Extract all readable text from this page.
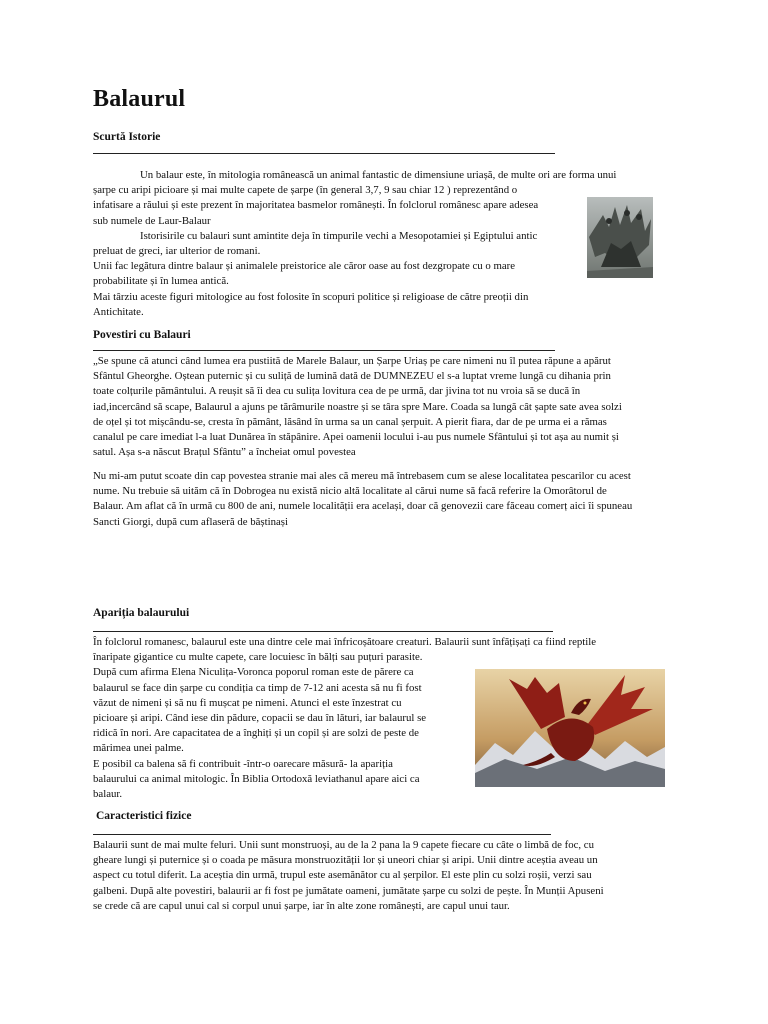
Balaurul
Scurtă Istorie
Un balaur este, în mitologia românească un animal fantastic de dimensiune uriașă, de multe ori are forma unui
șarpe cu aripi picioare și mai multe capete de șarpe (în general 3,7, 9 sau chiar 12 ) reprezentând o
infatisare a răului și este prezent în majoritatea basmelor românești. În folclorul românesc apare adesea
sub numele de Laur-Balaur
Istorisirile cu balauri sunt amintite deja în timpurile vechi a Mesopotamiei și Egiptului antic
preluat de greci, iar ulterior de romani.
Unii fac legătura dintre balaur și animalele preistorice ale căror oase au fost dezgropate cu o mare
probabilitate și în lumea antică.
Mai târziu aceste figuri mitologice au fost folosite în scopuri politice și religioase de către preoții din
Antichitate.
Povestiri cu Balauri
„Se spune că atunci când lumea era pustiită de Marele Balaur, un Șarpe Uriaș pe care nimeni nu îl putea răpune a apărut
Sfântul Gheorghe. Oștean puternic și cu suliță de lumină dată de DUMNEZEU el s-a luptat vreme lungă cu dihania prin
toate colțurile pământului. A reușit să îi dea cu sulița lovitura cea de pe urmă, dar jivina tot nu vroia să se ducă în
iad,incercând să scape, Balaurul a ajuns pe tărâmurile noastre și se târa spre Mare. Coada sa lungă cât șapte sate avea solzi
de oțel și tot mișcându-se, cresta în pământ, lăsând în urma sa un canal șerpuit. A pierit fiara, dar de pe urma ei a rămas
canalul pe care imediat l-a luat Dunărea în stăpânire. Apei oamenii locului i-au pus numele Sfântului și tot așa au numit și
satul. Așa s-a născut Brațul Sfântu” a încheiat omul povestea
Nu mi-am putut scoate din cap povestea stranie mai ales că mereu mă întrebasem cum se alese localitatea pescarilor cu acest
nume. Nu trebuie să uităm că în Dobrogea nu există nicio altă localitate al cărui nume să facă referire la Omorâtorul de
Balaur. Am aflat că în urmă cu 800 de ani, numele localității era același, doar că genovezii care făceau comerț aici îi spuneau
Sancti Giorgi, după cum aflaseră de băștinași
Apariția balaurului
În folclorul romanesc, balaurul este una dintre cele mai înfricoșătoare creaturi. Balaurii sunt înfățișați ca fiind reptile
înaripate gigantice cu multe capete, care locuiesc în bălți sau puțuri parasite.
După cum afirma Elena Niculița-Voronca poporul roman este de părere ca
balaurul se face din șarpe cu condiția ca timp de 7-12 ani acesta să nu fi fost
văzut de nimeni și să nu fi mușcat pe nimeni. Atunci el este înzestrat cu
picioare și aripi. Când iese din pădure, copacii se dau în lături, iar balaurul se
ridică în nori. Are capacitatea de a înghiți și un copil și are solzi de peste de
mărimea unei palme.
E posibil ca balena să fi contribuit -într-o oarecare măsură- la apariția
balaurului ca animal mitologic. În Biblia Ortodoxă leviathanul apare aici ca
balaur.
Caracteristici fizice
Balaurii sunt de mai multe feluri. Unii sunt monstruoși, au de la 2 pana la 9 capete fiecare cu câte o limbă de foc, cu
gheare lungi și puternice și o coada pe măsura monstruozității lor și uneori chiar și aripi. Unii dintre aceștia aveau un
aspect cu totul diferit. La aceștia din urmă, trupul este asemănător cu al șerpilor. El este plin cu solzi roșii, verzi sau
galbeni. După alte povestiri, balaurii ar fi fost pe jumătate oameni, jumătate șarpe cu solzi de pește. În Munții Apuseni
se crede că are capul unui cal si corpul unui șarpe, iar în alte zone românești, are capul unui taur.
